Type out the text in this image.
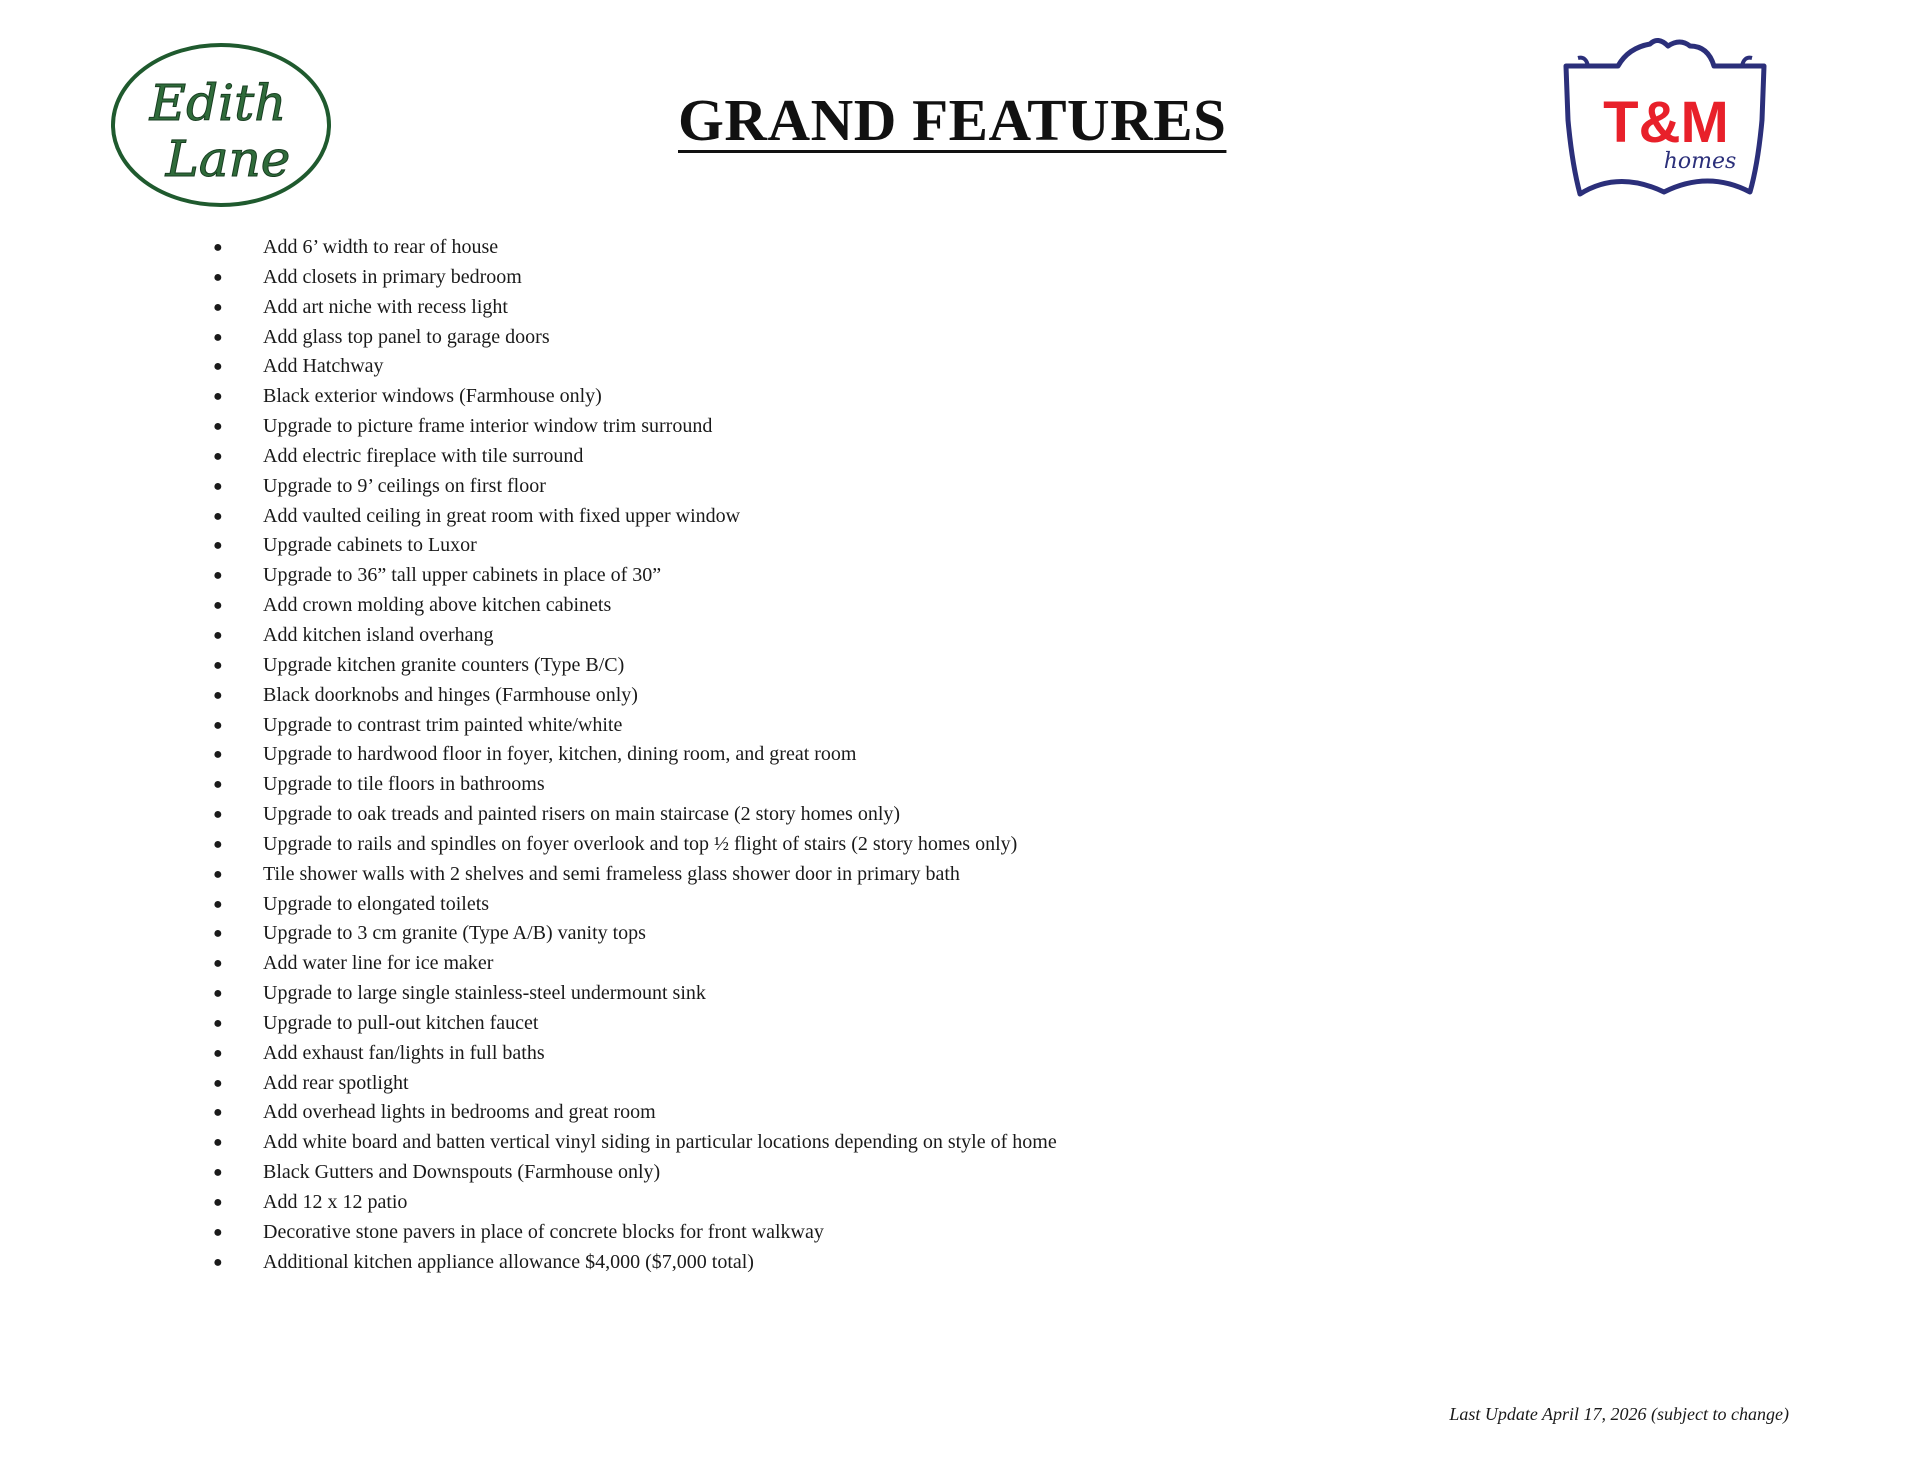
Edith
Lane
GRAND FEATURES	T&M
homes
● Add 6’ width to rear of house
● Add closets in primary bedroom
● Add art niche with recess light
● Add glass top panel to garage doors
● Add Hatchway
● Black exterior windows (Farmhouse only)
● Upgrade to picture frame interior window trim surround
● Add electric fireplace with tile surround
● Upgrade to 9’ ceilings on first floor
● Add vaulted ceiling in great room with fixed upper window
● Upgrade cabinets to Luxor
● Upgrade to 36” tall upper cabinets in place of 30”
● Add crown molding above kitchen cabinets
● Add kitchen island overhang
● Upgrade kitchen granite counters (Type B/C)
● Black doorknobs and hinges (Farmhouse only)
● Upgrade to contrast trim painted white/white
● Upgrade to hardwood floor in foyer, kitchen, dining room, and great room
● Upgrade to tile floors in bathrooms
● Upgrade to oak treads and painted risers on main staircase (2 story homes only)
● Upgrade to rails and spindles on foyer overlook and top ½ flight of stairs (2 story homes only)
● Tile shower walls with 2 shelves and semi frameless glass shower door in primary bath
● Upgrade to elongated toilets
● Upgrade to 3 cm granite (Type A/B) vanity tops
● Add water line for ice maker
● Upgrade to large single stainless-steel undermount sink
● Upgrade to pull-out kitchen faucet
● Add exhaust fan/lights in full baths
● Add rear spotlight
● Add overhead lights in bedrooms and great room
● Add white board and batten vertical vinyl siding in particular locations depending on style of home
● Black Gutters and Downspouts (Farmhouse only)
● Add 12 x 12 patio
● Decorative stone pavers in place of concrete blocks for front walkway
● Additional kitchen appliance allowance $4,000 ($7,000 total)
Last Update April 17, 2026 (subject to change)
